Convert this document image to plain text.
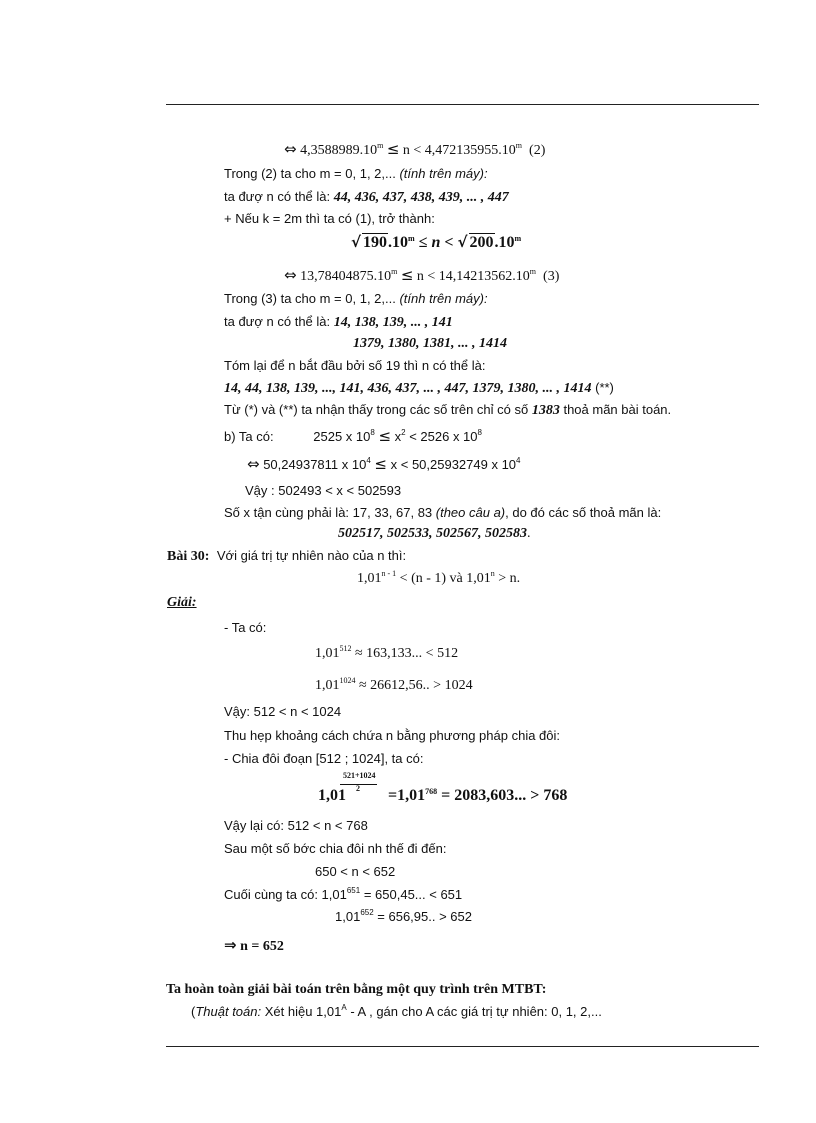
⇔ $4,3588989.10^m \le n < 4,472135955.10^m$ (2)
Trong (2) ta cho m = 0, 1, 2,... (tính trên máy):
ta đượ n có thể là: 44, 436, 437, 438, 439, ... , 447
+ Nếu k = 2m thì ta có (1), trở thành:
√ $190.10^m \le n$ < √ 200.10$^m$
⇔ $13,78404875.10^m \le n < 14,14213562.10^m$ (3)
Trong (3) ta cho m = 0, 1, 2,... (tính trên máy):
ta đượ n có thể là: 14, 138, 139, ... , 141
1379, 1380, 1381, ... , 1414
Tóm lại để n bắt đầu bởi số 19 thì n có thể là:
14, 44, 138, 139, ..., 141, 436, 437, ... , 447, 1379, 1380, ... , 1414 (**)
Từ (*) và (**) ta nhận thấy trong các số trên chỉ có số 1383 thoả mãn bài toán.
b) Ta có:	2525 x $10^8 \le x^2 < 2526$ x $10^8$
⇔ 50,24937811 x $10^4 \le x < 50,25932749$ x $10^4$
Vậy : 502493 < x < 502593
Số x tận cùng phải là: 17, 33, 67, 83 (theo câu a), do đó các số thoả mãn là:
502517, 502533, 502567, 502583.
Bài 30: Với giá trị tự nhiên nào của n thì:
$1,01^{n - 1} < (n - 1)$ và $1,01^n > n$.
Giải:
- Ta có:
$1,01^{512} \approx 163,133$... < 512
$1,01^{1024} \approx 26612,56$.. > 1024
Vậy: 512 < n < 1024
Thu hẹp khoảng cách chứa n bằng phương pháp chia đôi:
- Chia đôi đoạn [512 ; 1024], ta có:
521+1024
2
1,01	$=1,01^{768} = 2083,603$... > 768
Vậy lại có: 512 < n < 768
Sau một số bớc chia đôi nh thế đi đến:
650 < n < 652
Cuối cùng ta có: $1,01^{651} = 650,45$... < 651
$1,01^{652} = 656,95$.. > 652
⇒ n = 652
Ta hoàn toàn giải bài toán trên bằng một quy trình trên MTBT:
(Thuật toán: Xét hiệu $1,01^A$ - A , gán cho A các giá trị tự nhiên: 0, 1, 2,...
